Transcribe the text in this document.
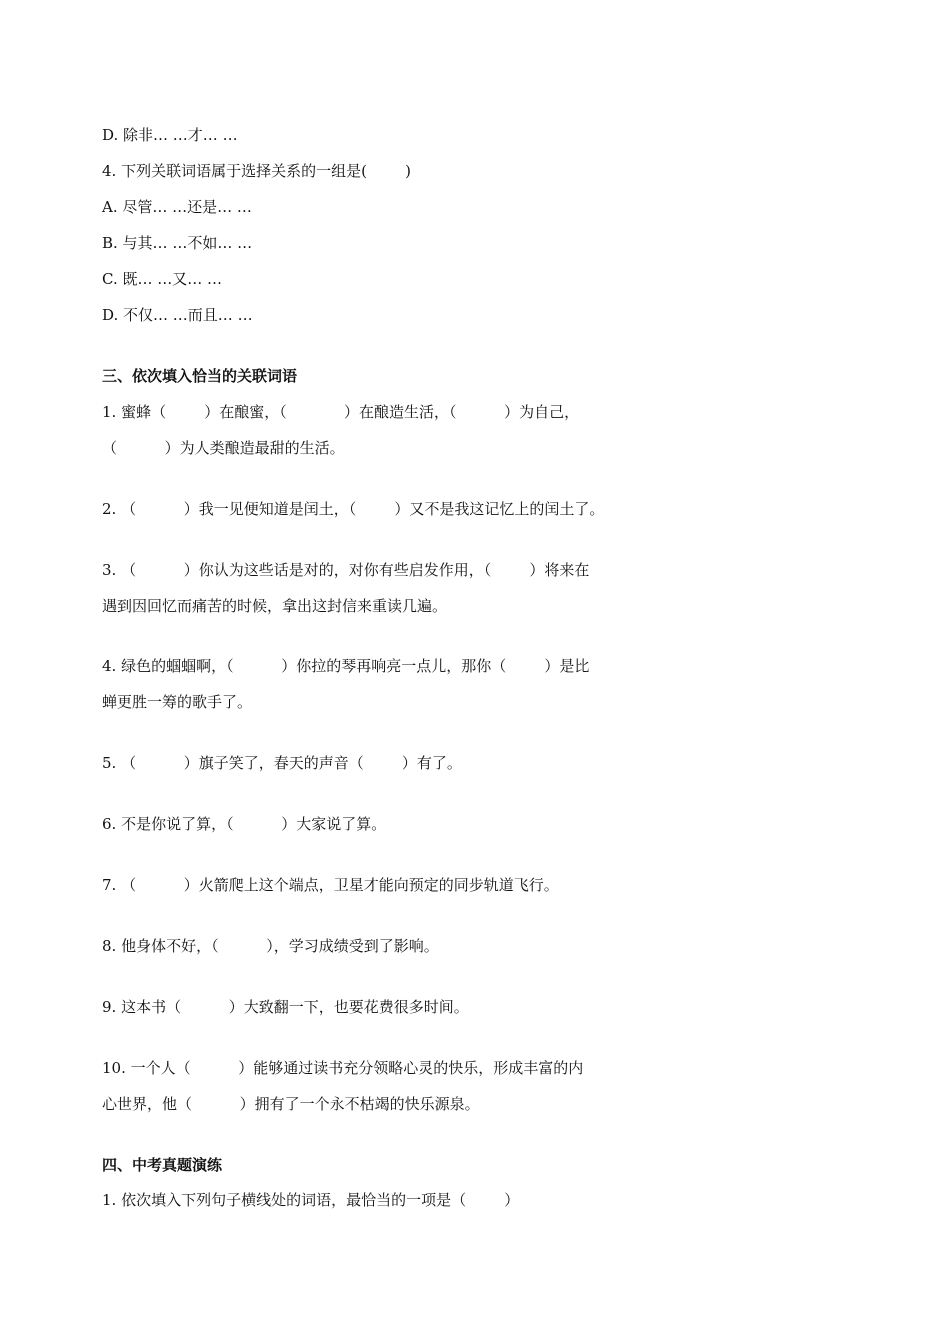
D. 除非… …才… …
4. 下列关联词语属于选择关系的一组是(        )
A. 尽管… …还是… …
B. 与其… …不如… …
C. 既… …又… …
D. 不仅… …而且… …
三、依次填入恰当的关联词语
1. 蜜蜂（        ）在酿蜜，（            ）在酿造生活，（          ）为自己，
（          ）为人类酿造最甜的生活。
2. （          ）我一见便知道是闰土，（        ）又不是我这记忆上的闰土了。
3. （          ）你认为这些话是对的，对你有些启发作用，（        ）将来在
遇到因回忆而痛苦的时候，拿出这封信来重读几遍。
4. 绿色的蝈蝈啊，（          ）你拉的琴再响亮一点儿，那你（        ）是比
蝉更胜一筹的歌手了。
5. （          ）旗子笑了，春天的声音（        ）有了。
6. 不是你说了算，（          ）大家说了算。
7. （          ）火箭爬上这个端点，卫星才能向预定的同步轨道飞行。
8. 他身体不好，（          ），学习成绩受到了影响。
9. 这本书（          ）大致翻一下，也要花费很多时间。
10. 一个人（          ）能够通过读书充分领略心灵的快乐，形成丰富的内
心世界，他（          ）拥有了一个永不枯竭的快乐源泉。
四、中考真题演练
1. 依次填入下列句子横线处的词语，最恰当的一项是（        ）
